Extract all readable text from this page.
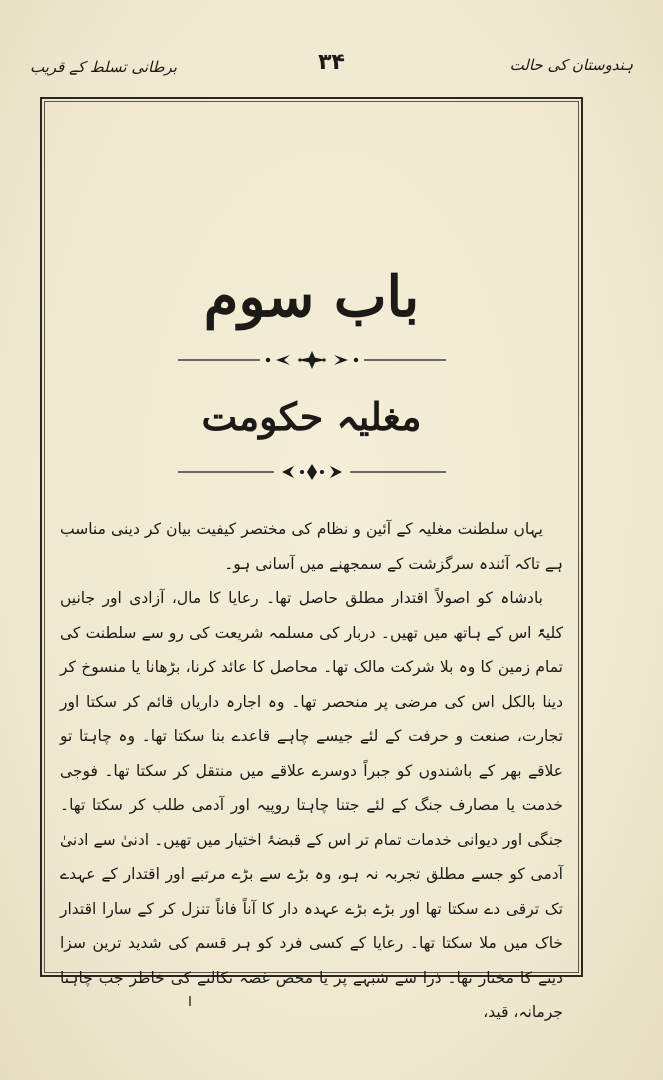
ہندوستان کی حالت
۳۴
برطانی تسلط کے قریب
باب سوم
مغلیہ حکومت

یہاں سلطنت مغلیہ کے آئین و نظام کی مختصر کیفیت بیان کر دینی مناسب ہے تاکہ آئندہ سرگزشت کے سمجھنے میں آسانی ہو۔

بادشاہ کو اصولاً اقتدار مطلق حاصل تھا۔ رعایا کا مال، آزادی اور جانیں کلیۃً اس کے ہاتھ میں تھیں۔ دربار کی مسلمہ شریعت کی رو سے سلطنت کی تمام زمین کا وہ بلا شرکت مالک تھا۔ محاصل کا عائد کرنا، بڑھانا یا منسوخ کر دینا بالکل اس کی مرضی پر منحصر تھا۔ وہ اجارہ داریاں قائم کر سکتا اور تجارت، صنعت و حرفت کے لئے جیسے چاہے قاعدے بنا سکتا تھا۔ وہ چاہتا تو علاقے بھر کے باشندوں کو جبراً دوسرے علاقے میں منتقل کر سکتا تھا۔ فوجی خدمت یا مصارف جنگ کے لئے جتنا چاہتا روپیہ اور آدمی طلب کر سکتا تھا۔ جنگی اور دیوانی خدمات تمام تر اس کے قبضۂ اختیار میں تھیں۔ ادنیٰ سے ادنیٰ آدمی کو جسے مطلق تجربہ نہ ہو، وہ بڑے سے بڑے مرتبے اور اقتدار کے عہدے تک ترقی دے سکتا تھا اور بڑے بڑے عہدہ دار کا آناً فاناً تنزل کر کے سارا اقتدار خاک میں ملا سکتا تھا۔ رعایا کے کسی فرد کو ہر قسم کی شدید ترین سزا دینے کا مختار تھا۔ ذرا سے شبہے پر یا محض غصہ نکالنے کی خاطر جب چاہتا جرمانہ، قید،
